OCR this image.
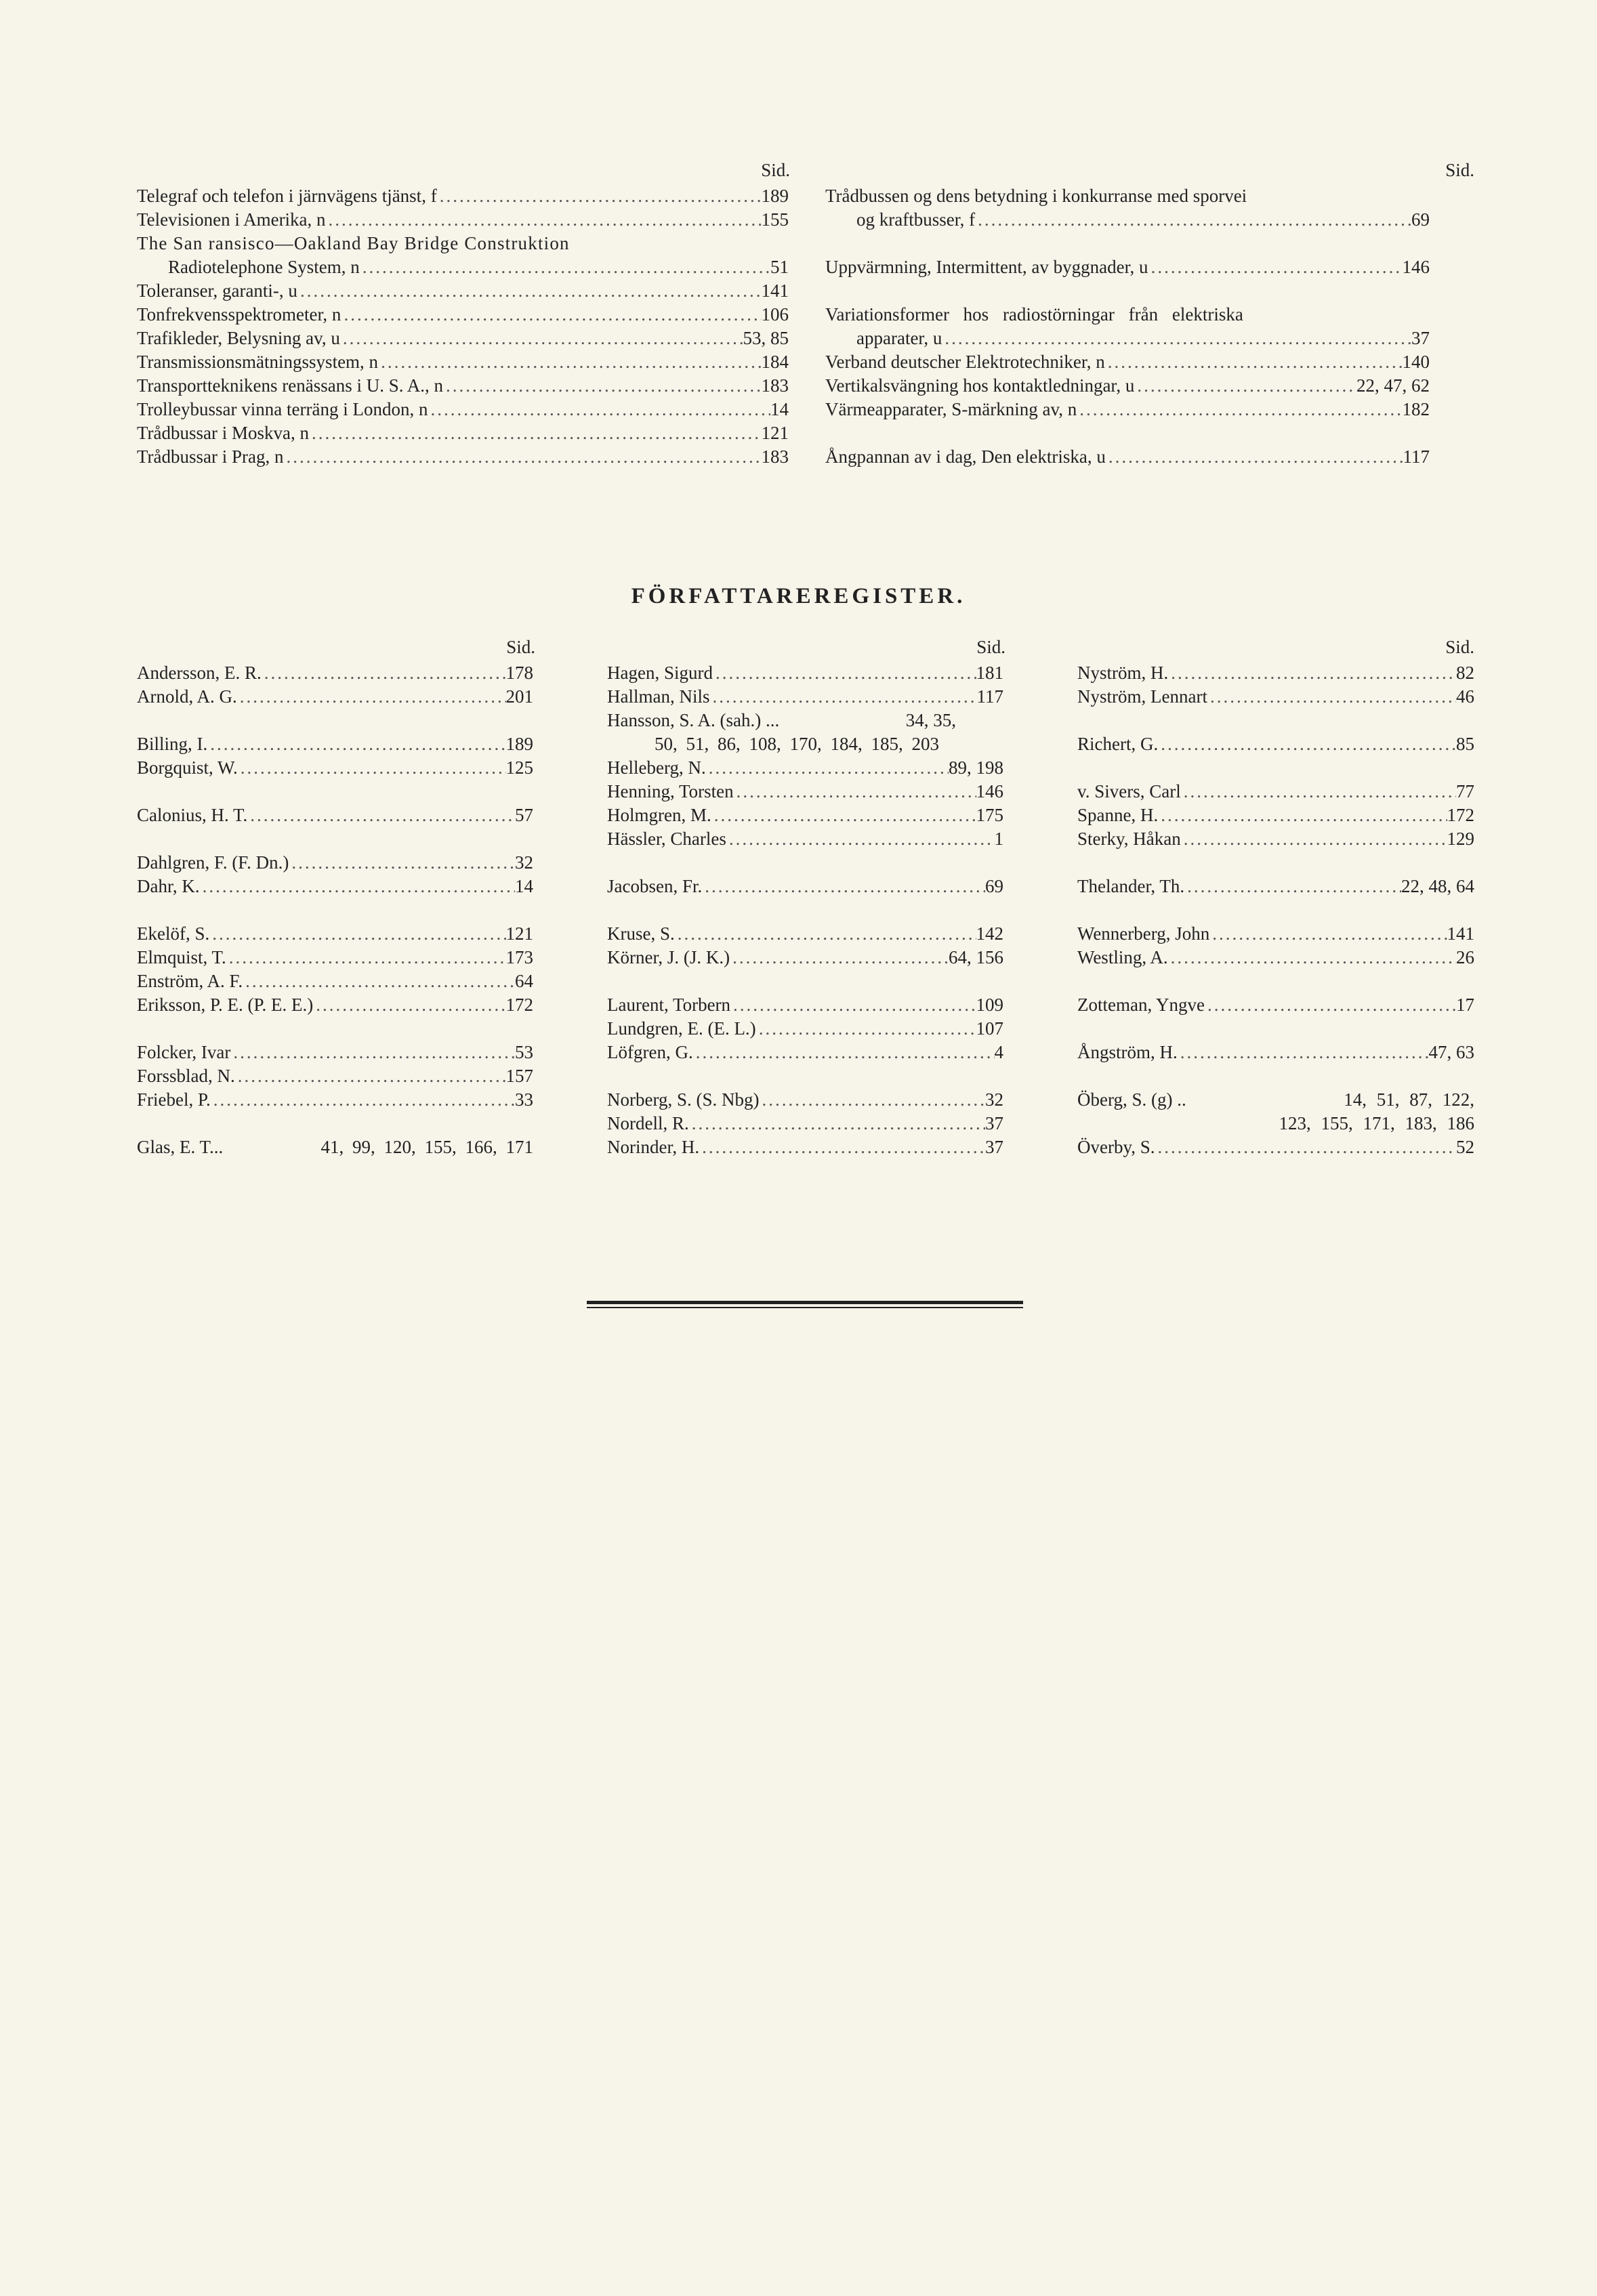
Sid.
Telegraf och telefon i järnvägens tjänst, f .....	189
Televisionen i Amerika, n .....	155
The San ransisco—Oakland Bay Bridge Construktion
Radiotelephone System, n .....	51
Toleranser, garanti-, u .....	141
Tonfrekvensspektrometer, n .....	106
Trafikleder, Belysning av, u .....	53, 85
Transmissionsmätningssystem, n .....	184
Transportteknikens renässans i U. S. A., n .....	183
Trolleybussar vinna terräng i London, n .....	14
Trådbussar i Moskva, n .....	121
Trådbussar i Prag, n .....	183
Sid.
Trådbussen og dens betydning i konkurranse med sporvei
og kraftbusser, f .....	69
Uppvärmning, Intermittent, av byggnader, u .....	146
Variationsformer hos radiostörningar från elektriska
apparater, u .....	37
Verband deutscher Elektrotechniker, n .....	140
Vertikalsvängning hos kontaktledningar, u .....	22, 47, 62
Värmeapparater, S-märkning av, n .....	182
Ångpannan av i dag, Den elektriska, u .....	117
FÖRFATTAREREGISTER.
Sid.	Sid.	Sid.
Andersson, E. R. .....	178
Arnold, A. G. .....	201
Billing, I. .....	189
Borgquist, W. .....	125
Calonius, H. T. .....	57
Dahlgren, F. (F. Dn.) .....	32
Dahr, K. .....	14
Ekelöf, S. .....	121
Elmquist, T. .....	173
Enström, A. F. .....	64
Eriksson, P. E. (P. E. E.) .....	172
Folcker, Ivar .....	53
Forssblad, N. .....	157
Friebel, P. .....	33
Glas, E. T...	41, 99, 120, 155, 166, 171
Hagen, Sigurd .....	181
Hallman, Nils .....	117
Hansson, S. A. (sah.) ...	34, 35,
50, 51, 86, 108, 170, 184, 185, 203
Helleberg, N. .....	89, 198
Henning, Torsten .....	146
Holmgren, M. .....	175
Hässler, Charles .....	1
Jacobsen, Fr. .....	69
Kruse, S. .....	142
Körner, J. (J. K.) .....	64, 156
Laurent, Torbern .....	109
Lundgren, E. (E. L.) .....	107
Löfgren, G. .....	4
Norberg, S. (S. Nbg) .....	32
Nordell, R. .....	37
Norinder, H. .....	37
Nyström, H. .....	82
Nyström, Lennart .....	46
Richert, G. .....	85
v. Sivers, Carl .....	77
Spanne, H. .....	172
Sterky, Håkan .....	129
Thelander, Th. .....	22, 48, 64
Wennerberg, John .....	141
Westling, A. .....	26
Zotteman, Yngve .....	17
Ångström, H. .....	47, 63
Öberg, S. (g) ..	14, 51, 87, 122,
123, 155, 171, 183, 186
Överby, S. .....	52
